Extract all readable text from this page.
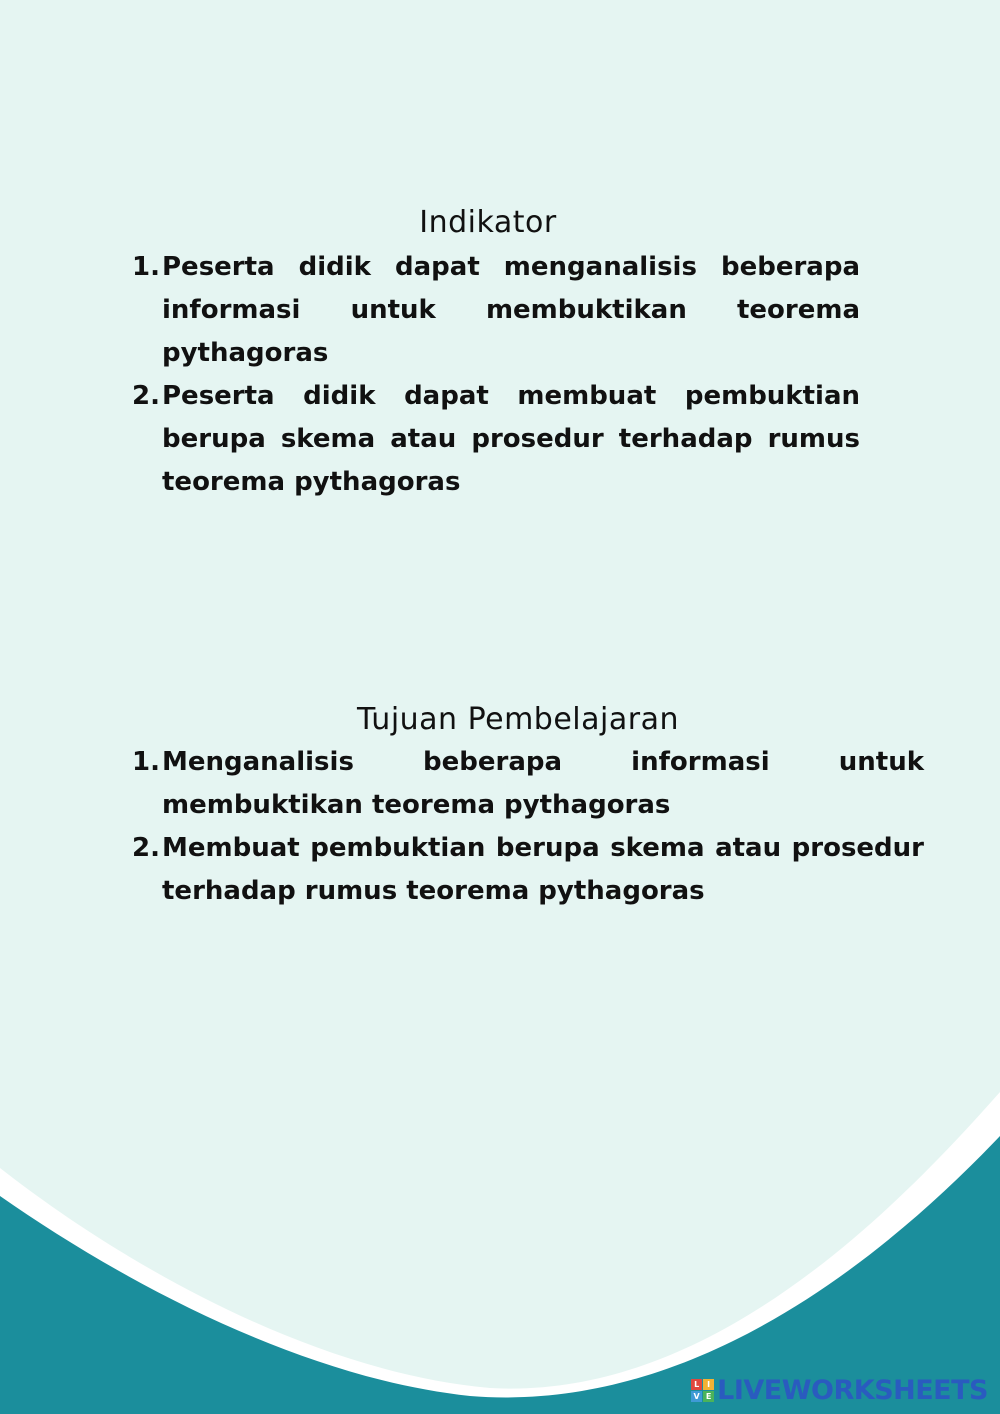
Indikator
1. Peserta didik dapat menganalisis beberapa informasi untuk membuktikan teorema pythagoras
2. Peserta didik dapat membuat pembuktian berupa skema atau prosedur terhadap rumus teorema pythagoras
Tujuan Pembelajaran
1. Menganalisis beberapa informasi untuk membuktikan teorema pythagoras
2. Membuat pembuktian berupa skema atau prosedur terhadap rumus teorema pythagoras
L I
V E LIVEWORKSHEETS
